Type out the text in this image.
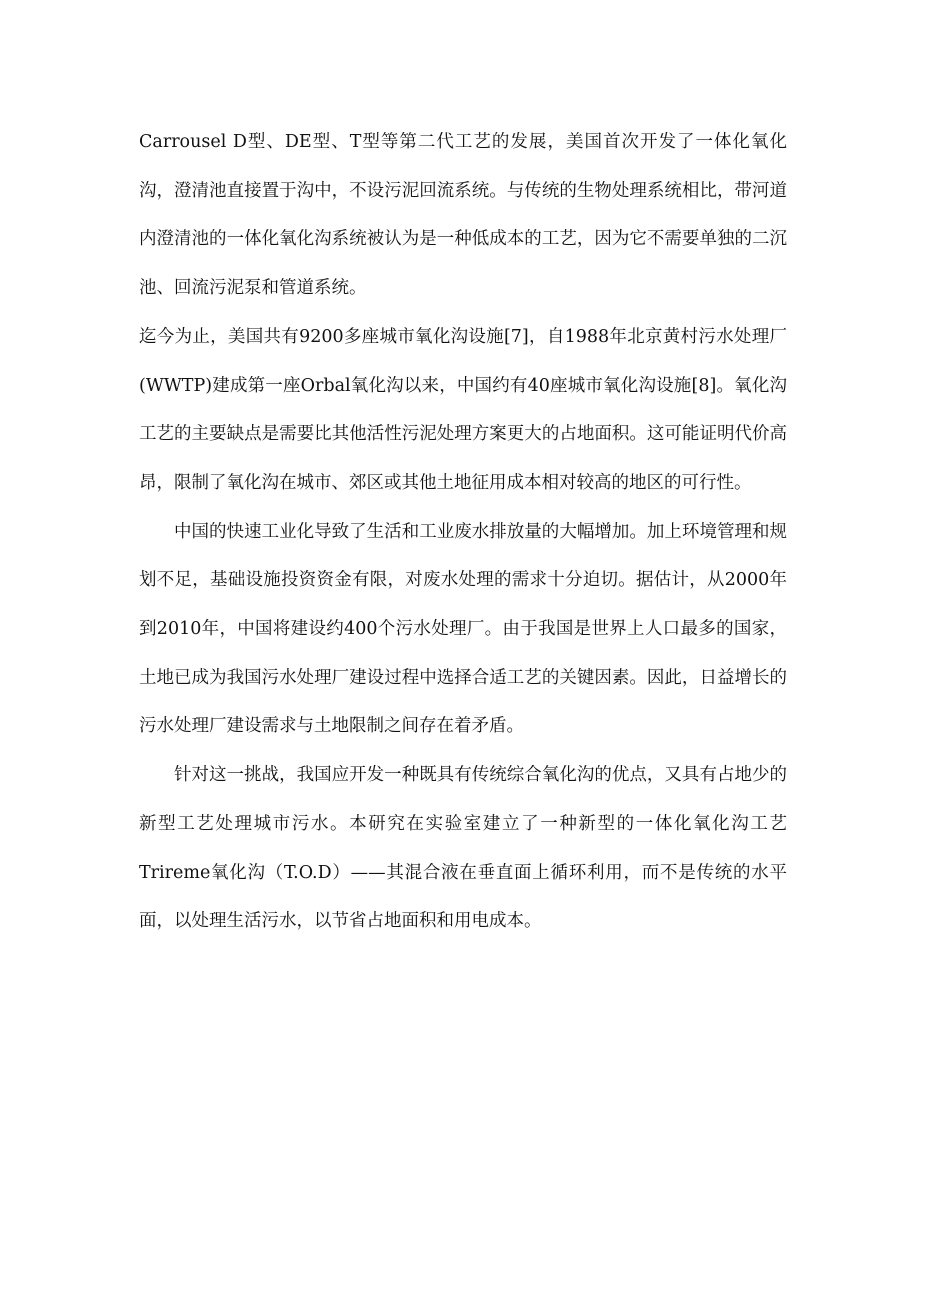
Carrousel D型、DE型、T型等第二代工艺的发展，美国首次开发了一体化氧化沟，澄清池直接置于沟中，不设污泥回流系统。与传统的生物处理系统相比，带河道内澄清池的一体化氧化沟系统被认为是一种低成本的工艺，因为它不需要单独的二沉池、回流污泥泵和管道系统。

迄今为止，美国共有9200多座城市氧化沟设施[7]，自1988年北京黄村污水处理厂(WWTP)建成第一座Orbal氧化沟以来，中国约有40座城市氧化沟设施[8]。氧化沟工艺的主要缺点是需要比其他活性污泥处理方案更大的占地面积。这可能证明代价高昂，限制了氧化沟在城市、郊区或其他土地征用成本相对较高的地区的可行性。

中国的快速工业化导致了生活和工业废水排放量的大幅增加。加上环境管理和规划不足，基础设施投资资金有限，对废水处理的需求十分迫切。据估计，从2000年到2010年，中国将建设约400个污水处理厂。由于我国是世界上人口最多的国家，土地已成为我国污水处理厂建设过程中选择合适工艺的关键因素。因此，日益增长的污水处理厂建设需求与土地限制之间存在着矛盾。

针对这一挑战，我国应开发一种既具有传统综合氧化沟的优点，又具有占地少的新型工艺处理城市污水。本研究在实验室建立了一种新型的一体化氧化沟工艺Trireme氧化沟（T.O.D）——其混合液在垂直面上循环利用，而不是传统的水平面，以处理生活污水，以节省占地面积和用电成本。
